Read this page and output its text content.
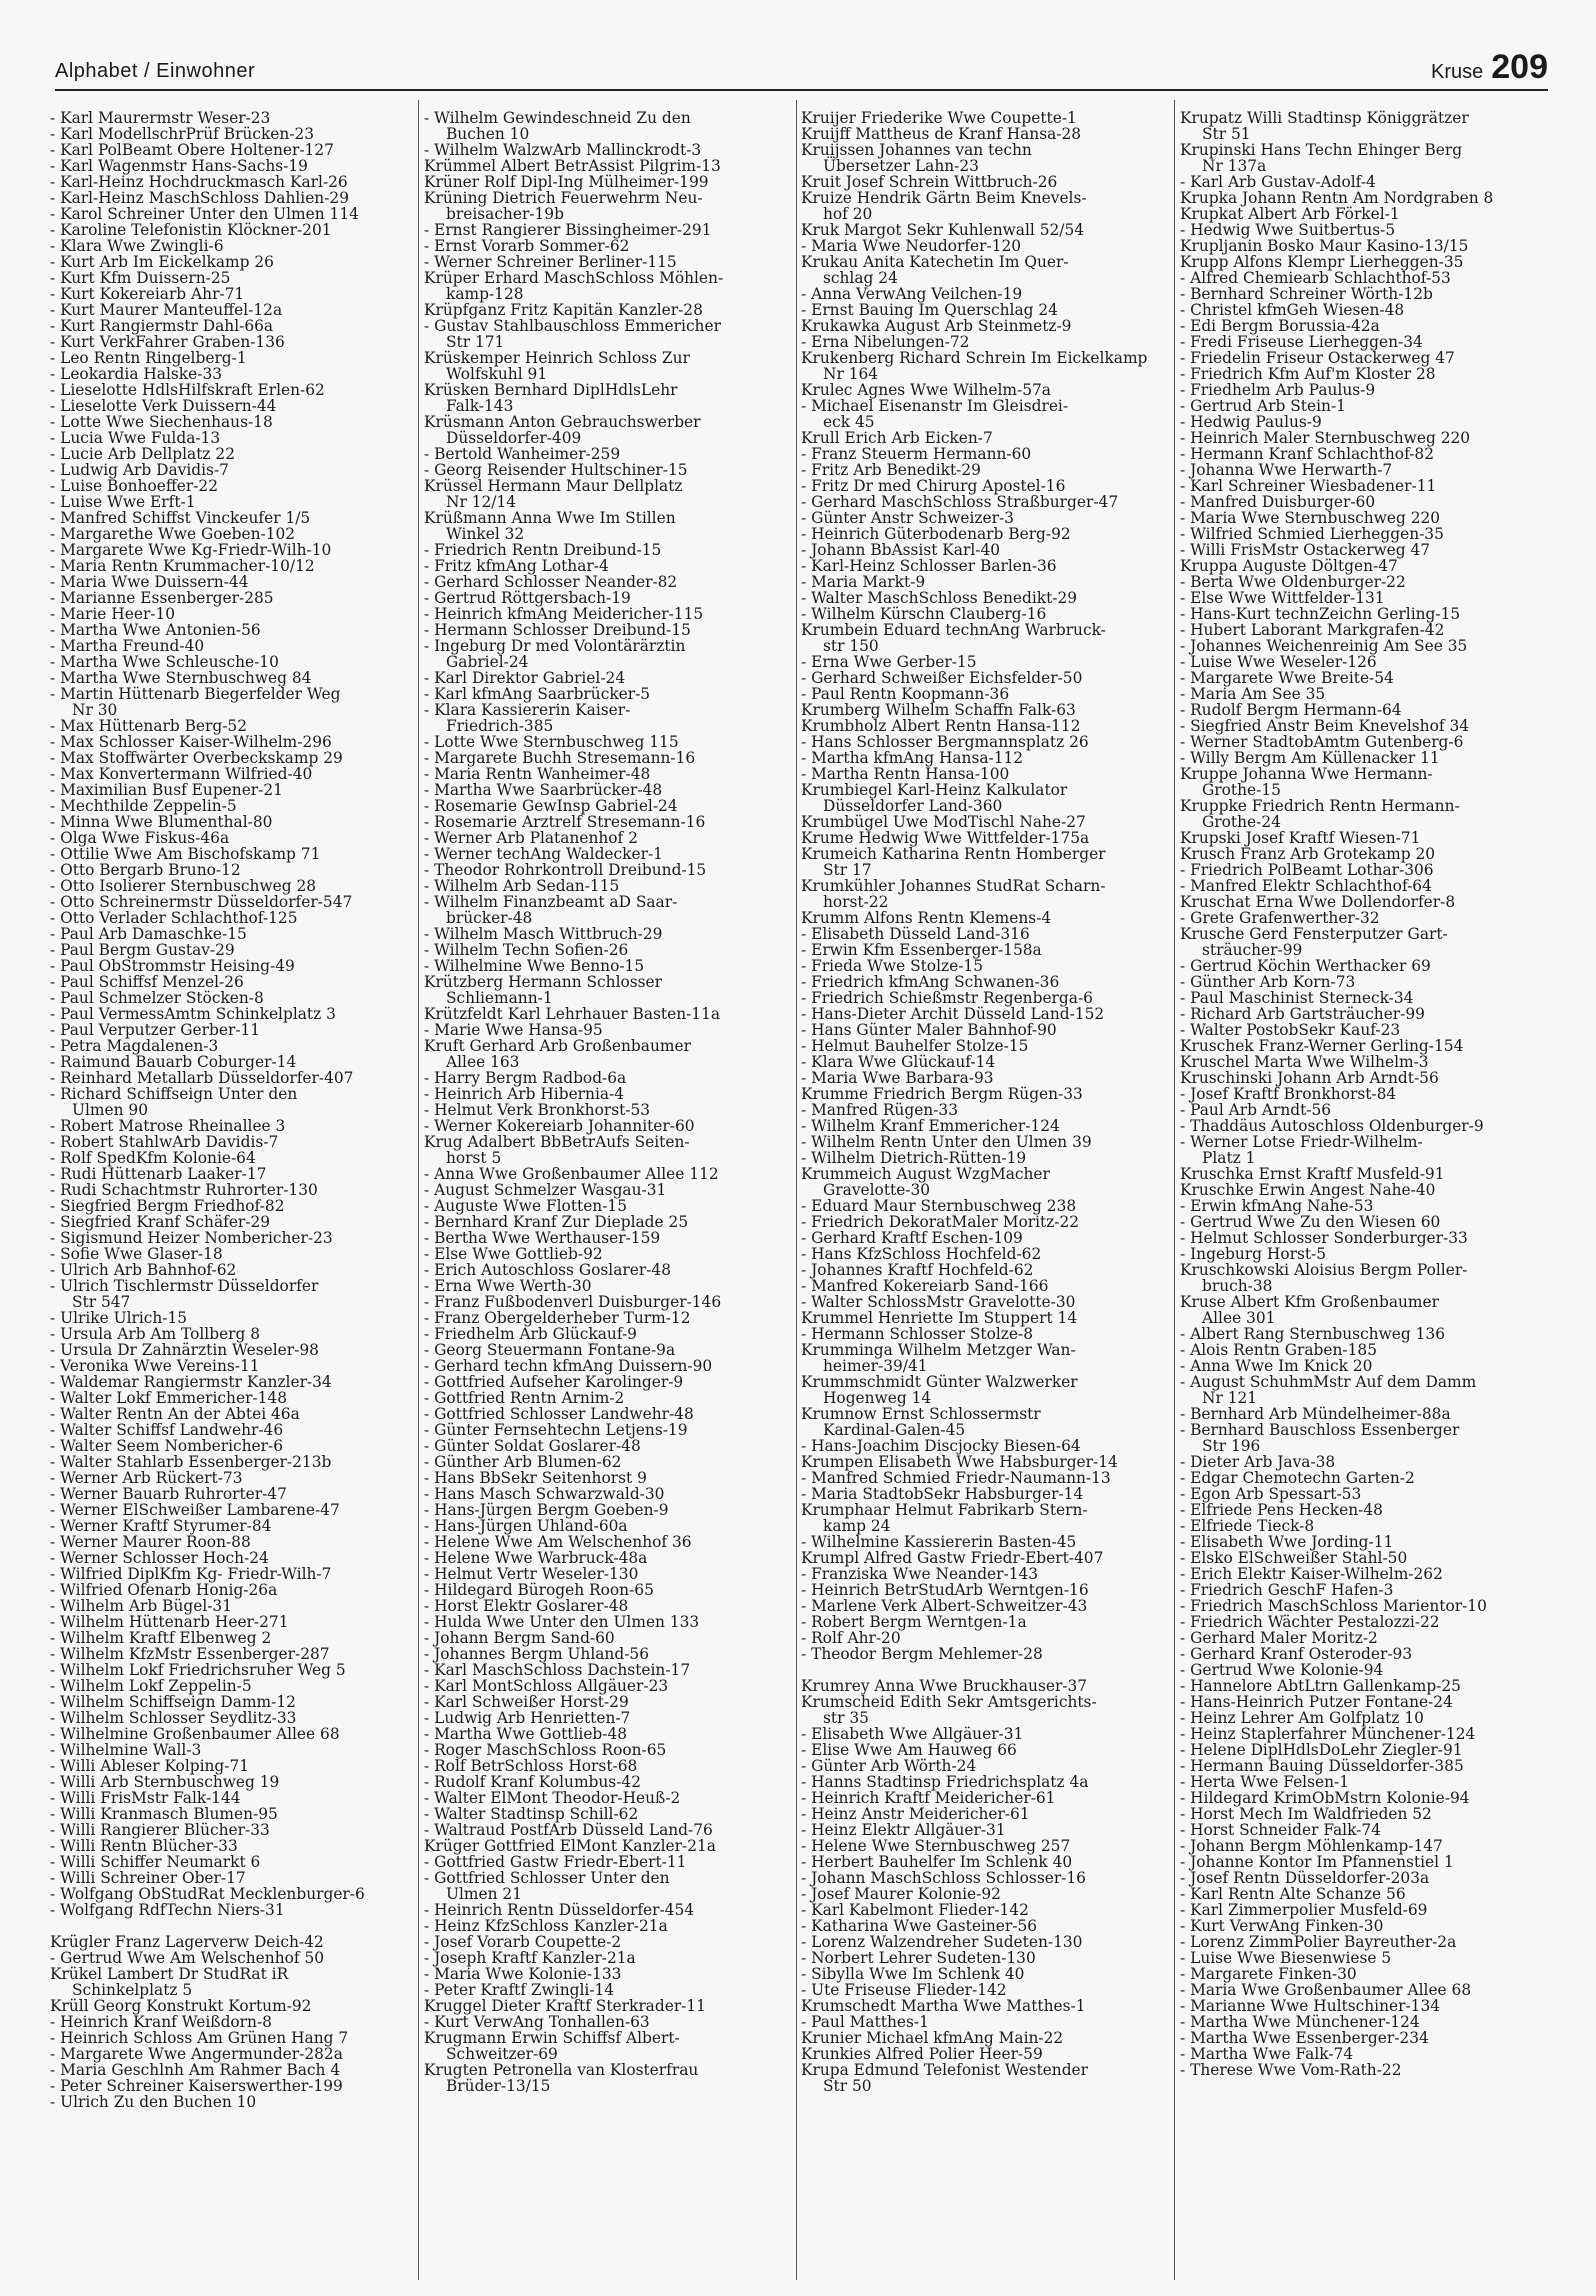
Alphabet / Einwohner	Kruse 209
- Karl Maurermstr Weser-23
- Karl ModellschrPrüf Brücken-23
- Karl PolBeamt Obere Holtener-127
- Karl Wagenmstr Hans-Sachs-19
- Karl-Heinz Hochdruckmasch Karl-26
- Karl-Heinz MaschSchloss Dahlien-29
- Karol Schreiner Unter den Ulmen 114
- Karoline Telefonistin Klöckner-201
- Klara Wwe Zwingli-6
- Kurt Arb Im Eickelkamp 26
- Kurt Kfm Duissern-25
- Kurt Kokereiarb Ahr-71
- Kurt Maurer Manteuffel-12a
- Kurt Rangiermstr Dahl-66a
- Kurt VerkFahrer Graben-136
- Leo Rentn Ringelberg-1
- Leokardia Halske-33
- Lieselotte HdlsHilfskraft Erlen-62
- Lieselotte Verk Duissern-44
- Lotte Wwe Siechenhaus-18
- Lucia Wwe Fulda-13
- Lucie Arb Dellplatz 22
- Ludwig Arb Davidis-7
- Luise Bonhoeffer-22
- Luise Wwe Erft-1
- Manfred Schiffst Vinckeufer 1/5
- Margarethe Wwe Goeben-102
- Margarete Wwe Kg-Friedr-Wilh-10
- Maria Rentn Krummacher-10/12
- Maria Wwe Duissern-44
- Marianne Essenberger-285
- Marie Heer-10
- Martha Wwe Antonien-56
- Martha Freund-40
- Martha Wwe Schleusche-10
- Martha Wwe Sternbuschweg 84
- Martin Hüttenarb Biegerfelder Weg
Nr 30
- Max Hüttenarb Berg-52
- Max Schlosser Kaiser-Wilhelm-296
- Max Stoffwärter Overbeckskamp 29
- Max Konvertermann Wilfried-40
- Maximilian Busf Eupener-21
- Mechthilde Zeppelin-5
- Minna Wwe Blumenthal-80
- Olga Wwe Fiskus-46a
- Ottilie Wwe Am Bischofskamp 71
- Otto Bergarb Bruno-12
- Otto Isolierer Sternbuschweg 28
- Otto Schreinermstr Düsseldorfer-547
- Otto Verlader Schlachthof-125
- Paul Arb Damaschke-15
- Paul Bergm Gustav-29
- Paul ObStrommstr Heising-49
- Paul Schiffsf Menzel-26
- Paul Schmelzer Stöcken-8
- Paul VermessAmtm Schinkelplatz 3
- Paul Verputzer Gerber-11
- Petra Magdalenen-3
- Raimund Bauarb Coburger-14
- Reinhard Metallarb Düsseldorfer-407
- Richard Schiffseign Unter den
Ulmen 90
- Robert Matrose Rheinallee 3
- Robert StahlwArb Davidis-7
- Rolf SpedKfm Kolonie-64
- Rudi Hüttenarb Laaker-17
- Rudi Schachtmstr Ruhrorter-130
- Siegfried Bergm Friedhof-82
- Siegfried Kranf Schäfer-29
- Sigismund Heizer Nombericher-23
- Sofie Wwe Glaser-18
- Ulrich Arb Bahnhof-62
- Ulrich Tischlermstr Düsseldorfer
Str 547
- Ulrike Ulrich-15
- Ursula Arb Am Tollberg 8
- Ursula Dr Zahnärztin Weseler-98
- Veronika Wwe Vereins-11
- Waldemar Rangiermstr Kanzler-34
- Walter Lokf Emmericher-148
- Walter Rentn An der Abtei 46a
- Walter Schiffsf Landwehr-46
- Walter Seem Nombericher-6
- Walter Stahlarb Essenberger-213b
- Werner Arb Rückert-73
- Werner Bauarb Ruhrorter-47
- Werner ElSchweißer Lambarene-47
- Werner Kraftf Styrumer-84
- Werner Maurer Roon-88
- Werner Schlosser Hoch-24
- Wilfried DiplKfm Kg- Friedr-Wilh-7
- Wilfried Ofenarb Honig-26a
- Wilhelm Arb Bügel-31
- Wilhelm Hüttenarb Heer-271
- Wilhelm Kraftf Elbenweg 2
- Wilhelm KfzMstr Essenberger-287
- Wilhelm Lokf Friedrichsruher Weg 5
- Wilhelm Lokf Zeppelin-5
- Wilhelm Schiffseign Damm-12
- Wilhelm Schlosser Seydlitz-33
- Wilhelmine Großenbaumer Allee 68
- Wilhelmine Wall-3
- Willi Ableser Kolping-71
- Willi Arb Sternbuschweg 19
- Willi FrisMstr Falk-144
- Willi Kranmasch Blumen-95
- Willi Rangierer Blücher-33
- Willi Rentn Blücher-33
- Willi Schiffer Neumarkt 6
- Willi Schreiner Ober-17
- Wolfgang ObStudRat Mecklenburger-6
- Wolfgang RdfTechn Niers-31
Krügler Franz Lagerverw Deich-42
- Gertrud Wwe Am Welschenhof 50
Krükel Lambert Dr StudRat iR
Schinkelplatz 5
Krüll Georg Konstrukt Kortum-92
- Heinrich Kranf Weißdorn-8
- Heinrich Schloss Am Grünen Hang 7
- Margarete Wwe Angermunder-282a
- Maria Geschlnh Am Rahmer Bach 4
- Peter Schreiner Kaiserswerther-199
- Ulrich Zu den Buchen 10
- Wilhelm Gewindeschneid Zu den
Buchen 10
- Wilhelm WalzwArb Mallinckrodt-3
Krümmel Albert BetrAssist Pilgrim-13
Krüner Rolf Dipl-Ing Mülheimer-199
Krüning Dietrich Feuerwehrm Neu-
breisacher-19b
- Ernst Rangierer Bissingheimer-291
- Ernst Vorarb Sommer-62
- Werner Schreiner Berliner-115
Krüper Erhard MaschSchloss Möhlen-
kamp-128
Krüpfganz Fritz Kapitän Kanzler-28
- Gustav Stahlbauschloss Emmericher
Str 171
Krüskemper Heinrich Schloss Zur
Wolfskuhl 91
Krüsken Bernhard DiplHdlsLehr
Falk-143
Krüsmann Anton Gebrauchswerber
Düsseldorfer-409
- Bertold Wanheimer-259
- Georg Reisender Hultschiner-15
Krüssel Hermann Maur Dellplatz
Nr 12/14
Krüßmann Anna Wwe Im Stillen
Winkel 32
- Friedrich Rentn Dreibund-15
- Fritz kfmAng Lothar-4
- Gerhard Schlosser Neander-82
- Gertrud Röttgersbach-19
- Heinrich kfmAng Meidericher-115
- Hermann Schlosser Dreibund-15
- Ingeburg Dr med Volontärärztin
Gabriel-24
- Karl Direktor Gabriel-24
- Karl kfmAng Saarbrücker-5
- Klara Kassiererin Kaiser-
Friedrich-385
- Lotte Wwe Sternbuschweg 115
- Margarete Buchh Stresemann-16
- Maria Rentn Wanheimer-48
- Martha Wwe Saarbrücker-48
- Rosemarie GewInsp Gabriel-24
- Rosemarie Arztrelf Stresemann-16
- Werner Arb Platanenhof 2
- Werner techAng Waldecker-1
- Theodor Rohrkontroll Dreibund-15
- Wilhelm Arb Sedan-115
- Wilhelm Finanzbeamt aD Saar-
brücker-48
- Wilhelm Masch Wittbruch-29
- Wilhelm Techn Sofien-26
- Wilhelmine Wwe Benno-15
Krützberg Hermann Schlosser
Schliemann-1
Krützfeldt Karl Lehrhauer Basten-11a
- Marie Wwe Hansa-95
Kruft Gerhard Arb Großenbaumer
Allee 163
- Harry Bergm Radbod-6a
- Heinrich Arb Hibernia-4
- Helmut Verk Bronkhorst-53
- Werner Kokereiarb Johanniter-60
Krug Adalbert BbBetrAufs Seiten-
horst 5
- Anna Wwe Großenbaumer Allee 112
- August Schmelzer Wasgau-31
- Auguste Wwe Flotten-15
- Bernhard Kranf Zur Dieplade 25
- Bertha Wwe Werthauser-159
- Else Wwe Gottlieb-92
- Erich Autoschloss Goslarer-48
- Erna Wwe Werth-30
- Franz Fußbodenverl Duisburger-146
- Franz Obergelderheber Turm-12
- Friedhelm Arb Glückauf-9
- Georg Steuermann Fontane-9a
- Gerhard techn kfmAng Duissern-90
- Gottfried Aufseher Karolinger-9
- Gottfried Rentn Arnim-2
- Gottfried Schlosser Landwehr-48
- Günter Fernsehtechn Letjens-19
- Günter Soldat Goslarer-48
- Günther Arb Blumen-62
- Hans BbSekr Seitenhorst 9
- Hans Masch Schwarzwald-30
- Hans-Jürgen Bergm Goeben-9
- Hans-Jürgen Uhland-60a
- Helene Wwe Am Welschenhof 36
- Helene Wwe Warbruck-48a
- Helmut Vertr Weseler-130
- Hildegard Bürogeh Roon-65
- Horst Elektr Goslarer-48
- Hulda Wwe Unter den Ulmen 133
- Johann Bergm Sand-60
- Johannes Bergm Uhland-56
- Karl MaschSchloss Dachstein-17
- Karl MontSchloss Allgäuer-23
- Karl Schweißer Horst-29
- Ludwig Arb Henrietten-7
- Martha Wwe Gottlieb-48
- Roger MaschSchloss Roon-65
- Rolf BetrSchloss Horst-68
- Rudolf Kranf Kolumbus-42
- Walter ElMont Theodor-Heuß-2
- Walter Stadtinsp Schill-62
- Waltraud PostfArb Düsseld Land-76
Krüger Gottfried ElMont Kanzler-21a
- Gottfried Gastw Friedr-Ebert-11
- Gottfried Schlosser Unter den
Ulmen 21
- Heinrich Rentn Düsseldorfer-454
- Heinz KfzSchloss Kanzler-21a
- Josef Vorarb Coupette-2
- Joseph Kraftf Kanzler-21a
- Maria Wwe Kolonie-133
- Peter Kraftf Zwingli-14
Kruggel Dieter Kraftf Sterkrader-11
- Kurt VerwAng Tonhallen-63
Krugmann Erwin Schiffsf Albert-
Schweitzer-69
Krugten Petronella van Klosterfrau
Brüder-13/15
Kruijer Friederike Wwe Coupette-1
Kruijff Mattheus de Kranf Hansa-28
Kruijssen Johannes van techn
Übersetzer Lahn-23
Kruit Josef Schrein Wittbruch-26
Kruize Hendrik Gärtn Beim Knevels-
hof 20
Kruk Margot Sekr Kuhlenwall 52/54
- Maria Wwe Neudorfer-120
Krukau Anita Katechetin Im Quer-
schlag 24
- Anna VerwAng Veilchen-19
- Ernst Bauing Im Querschlag 24
Krukawka August Arb Steinmetz-9
- Erna Nibelungen-72
Krukenberg Richard Schrein Im Eickelkamp
Nr 164
Krulec Agnes Wwe Wilhelm-57a
- Michael Eisenanstr Im Gleisdrei-
eck 45
Krull Erich Arb Eicken-7
- Franz Steuerm Hermann-60
- Fritz Arb Benedikt-29
- Fritz Dr med Chirurg Apostel-16
- Gerhard MaschSchloss Straßburger-47
- Günter Anstr Schweizer-3
- Heinrich Güterbodenarb Berg-92
- Johann BbAssist Karl-40
- Karl-Heinz Schlosser Barlen-36
- Maria Markt-9
- Walter MaschSchloss Benedikt-29
- Wilhelm Kürschn Clauberg-16
Krumbein Eduard technAng Warbruck-
str 150
- Erna Wwe Gerber-15
- Gerhard Schweißer Eichsfelder-50
- Paul Rentn Koopmann-36
Krumberg Wilhelm Schaffn Falk-63
Krumbholz Albert Rentn Hansa-112
- Hans Schlosser Bergmannsplatz 26
- Martha kfmAng Hansa-112
- Martha Rentn Hansa-100
Krumbiegel Karl-Heinz Kalkulator
Düsseldorfer Land-360
Krumbügel Uwe ModTischl Nahe-27
Krume Hedwig Wwe Wittfelder-175a
Krumeich Katharina Rentn Homberger
Str 17
Krumkühler Johannes StudRat Scharn-
horst-22
Krumm Alfons Rentn Klemens-4
- Elisabeth Düsseld Land-316
- Erwin Kfm Essenberger-158a
- Frieda Wwe Stolze-15
- Friedrich kfmAng Schwanen-36
- Friedrich Schießmstr Regenberga-6
- Hans-Dieter Archit Düsseld Land-152
- Hans Günter Maler Bahnhof-90
- Helmut Bauhelfer Stolze-15
- Klara Wwe Glückauf-14
- Maria Wwe Barbara-93
Krumme Friedrich Bergm Rügen-33
- Manfred Rügen-33
- Wilhelm Kranf Emmericher-124
- Wilhelm Rentn Unter den Ulmen 39
- Wilhelm Dietrich-Rütten-19
Krummeich August WzgMacher
Gravelotte-30
- Eduard Maur Sternbuschweg 238
- Friedrich DekoratMaler Moritz-22
- Gerhard Kraftf Eschen-109
- Hans KfzSchloss Hochfeld-62
- Johannes Kraftf Hochfeld-62
- Manfred Kokereiarb Sand-166
- Walter SchlossMstr Gravelotte-30
Krummel Henriette Im Stuppert 14
- Hermann Schlosser Stolze-8
Krumminga Wilhelm Metzger Wan-
heimer-39/41
Krummschmidt Günter Walzwerker
Hogenweg 14
Krumnow Ernst Schlossermstr
Kardinal-Galen-45
- Hans-Joachim Discjocky Biesen-64
Krumpen Elisabeth Wwe Habsburger-14
- Manfred Schmied Friedr-Naumann-13
- Maria StadtobSekr Habsburger-14
Krumphaar Helmut Fabrikarb Stern-
kamp 24
- Wilhelmine Kassiererin Basten-45
Krumpl Alfred Gastw Friedr-Ebert-407
- Franziska Wwe Neander-143
- Heinrich BetrStudArb Werntgen-16
- Marlene Verk Albert-Schweitzer-43
- Robert Bergm Werntgen-1a
- Rolf Ahr-20
- Theodor Bergm Mehlemer-28
Krumrey Anna Wwe Bruckhauser-37
Krumscheid Edith Sekr Amtsgerichts-
str 35
- Elisabeth Wwe Allgäuer-31
- Elise Wwe Am Hauweg 66
- Günter Arb Wörth-24
- Hanns Stadtinsp Friedrichsplatz 4a
- Heinrich Kraftf Meidericher-61
- Heinz Anstr Meidericher-61
- Heinz Elektr Allgäuer-31
- Helene Wwe Sternbuschweg 257
- Herbert Bauhelfer Im Schlenk 40
- Johann MaschSchloss Schlosser-16
- Josef Maurer Kolonie-92
- Karl Kabelmont Flieder-142
- Katharina Wwe Gasteiner-56
- Lorenz Walzendreher Sudeten-130
- Norbert Lehrer Sudeten-130
- Sibylla Wwe Im Schlenk 40
- Ute Friseuse Flieder-142
Krumschedt Martha Wwe Matthes-1
- Paul Matthes-1
Krunier Michael kfmAng Main-22
Krunkies Alfred Polier Heer-59
Krupa Edmund Telefonist Westender
Str 50
Krupatz Willi Stadtinsp Königgrätzer
Str 51
Krupinski Hans Techn Ehinger Berg
Nr 137a
- Karl Arb Gustav-Adolf-4
Krupka Johann Rentn Am Nordgraben 8
Krupkat Albert Arb Förkel-1
- Hedwig Wwe Suitbertus-5
Krupljanin Bosko Maur Kasino-13/15
Krupp Alfons Klempr Lierheggen-35
- Alfred Chemiearb Schlachthof-53
- Bernhard Schreiner Wörth-12b
- Christel kfmGeh Wiesen-48
- Edi Bergm Borussia-42a
- Fredi Friseuse Lierheggen-34
- Friedelin Friseur Ostackerweg 47
- Friedrich Kfm Auf'm Kloster 28
- Friedhelm Arb Paulus-9
- Gertrud Arb Stein-1
- Hedwig Paulus-9
- Heinrich Maler Sternbuschweg 220
- Hermann Kranf Schlachthof-82
- Johanna Wwe Herwarth-7
- Karl Schreiner Wiesbadener-11
- Manfred Duisburger-60
- Maria Wwe Sternbuschweg 220
- Wilfried Schmied Lierheggen-35
- Willi FrisMstr Ostackerweg 47
Kruppa Auguste Döltgen-47
- Berta Wwe Oldenburger-22
- Else Wwe Wittfelder-131
- Hans-Kurt technZeichn Gerling-15
- Hubert Laborant Markgrafen-42
- Johannes Weichenreinig Am See 35
- Luise Wwe Weseler-126
- Margarete Wwe Breite-54
- Maria Am See 35
- Rudolf Bergm Hermann-64
- Siegfried Anstr Beim Knevelshof 34
- Werner StadtobAmtm Gutenberg-6
- Willy Bergm Am Küllenacker 11
Kruppe Johanna Wwe Hermann-
Grothe-15
Kruppke Friedrich Rentn Hermann-
Grothe-24
Krupski Josef Kraftf Wiesen-71
Krusch Franz Arb Grotekamp 20
- Friedrich PolBeamt Lothar-306
- Manfred Elektr Schlachthof-64
Kruschat Erna Wwe Dollendorfer-8
- Grete Grafenwerther-32
Krusche Gerd Fensterputzer Gart-
sträucher-99
- Gertrud Köchin Werthacker 69
- Günther Arb Korn-73
- Paul Maschinist Sterneck-34
- Richard Arb Gartsträucher-99
- Walter PostobSekr Kauf-23
Kruschek Franz-Werner Gerling-154
Kruschel Marta Wwe Wilhelm-3
Kruschinski Johann Arb Arndt-56
- Josef Kraftf Bronkhorst-84
- Paul Arb Arndt-56
- Thaddäus Autoschloss Oldenburger-9
- Werner Lotse Friedr-Wilhelm-
Platz 1
Kruschka Ernst Kraftf Musfeld-91
Kruschke Erwin Angest Nahe-40
- Erwin kfmAng Nahe-53
- Gertrud Wwe Zu den Wiesen 60
- Helmut Schlosser Sonderburger-33
- Ingeburg Horst-5
Kruschkowski Aloisius Bergm Poller-
bruch-38
Kruse Albert Kfm Großenbaumer
Allee 301
- Albert Rang Sternbuschweg 136
- Alois Rentn Graben-185
- Anna Wwe Im Knick 20
- August SchuhmMstr Auf dem Damm
Nr 121
- Bernhard Arb Mündelheimer-88a
- Bernhard Bauschloss Essenberger
Str 196
- Dieter Arb Java-38
- Edgar Chemotechn Garten-2
- Egon Arb Spessart-53
- Elfriede Pens Hecken-48
- Elfriede Tieck-8
- Elisabeth Wwe Jording-11
- Elsko ElSchweißer Stahl-50
- Erich Elektr Kaiser-Wilhelm-262
- Friedrich GeschF Hafen-3
- Friedrich MaschSchloss Marientor-10
- Friedrich Wächter Pestalozzi-22
- Gerhard Maler Moritz-2
- Gerhard Kranf Osteroder-93
- Gertrud Wwe Kolonie-94
- Hannelore AbtLtrn Gallenkamp-25
- Hans-Heinrich Putzer Fontane-24
- Heinz Lehrer Am Golfplatz 10
- Heinz Staplerfahrer Münchener-124
- Helene DiplHdlsDoLehr Ziegler-91
- Hermann Bauing Düsseldorfer-385
- Herta Wwe Felsen-1
- Hildegard KrimObMstrn Kolonie-94
- Horst Mech Im Waldfrieden 52
- Horst Schneider Falk-74
- Johann Bergm Möhlenkamp-147
- Johanne Kontor Im Pfannenstiel 1
- Josef Rentn Düsseldorfer-203a
- Karl Rentn Alte Schanze 56
- Karl Zimmerpolier Musfeld-69
- Kurt VerwAng Finken-30
- Lorenz ZimmPolier Bayreuther-2a
- Luise Wwe Biesenwiese 5
- Margarete Finken-30
- Maria Wwe Großenbaumer Allee 68
- Marianne Wwe Hultschiner-134
- Martha Wwe Münchener-124
- Martha Wwe Essenberger-234
- Martha Wwe Falk-74
- Therese Wwe Vom-Rath-22
